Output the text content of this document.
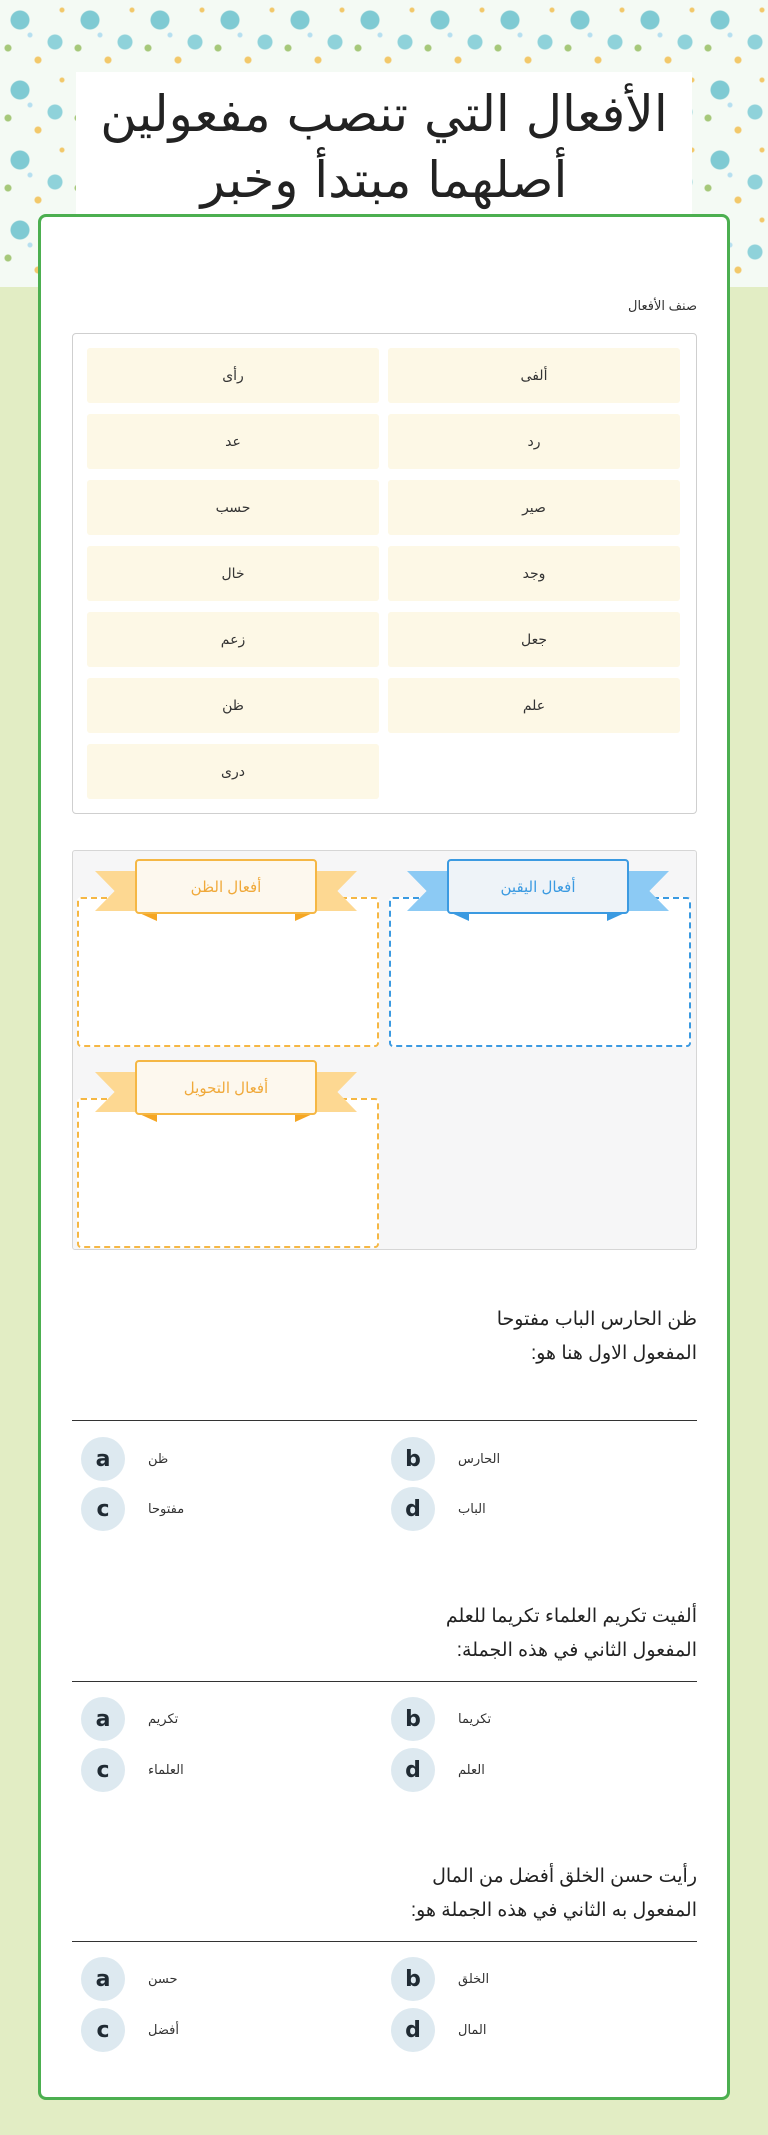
الأفعال التي تنصب مفعولين
أصلهما مبتدأ وخبر
صنف الأفعال
ألفى
رأى
رد
عد
صير
حسب
وجد
خال
جعل
زعم
علم
ظن
درى
أفعال اليقين
أفعال الظن
أفعال التحويل
ظن الحارس الباب مفتوحا
المفعول الاول هنا هو:
a	ظن	b	الحارس
c	مفتوحا	d	الباب
ألفيت تكريم العلماء تكريما للعلم
المفعول الثاني في هذه الجملة:
a	تكريم	b	تكريما
c	العلماء	d	العلم
رأيت حسن الخلق أفضل من المال
المفعول به الثاني في هذه الجملة هو:
a	حسن	b	الخلق
c	أفضل	d	المال
